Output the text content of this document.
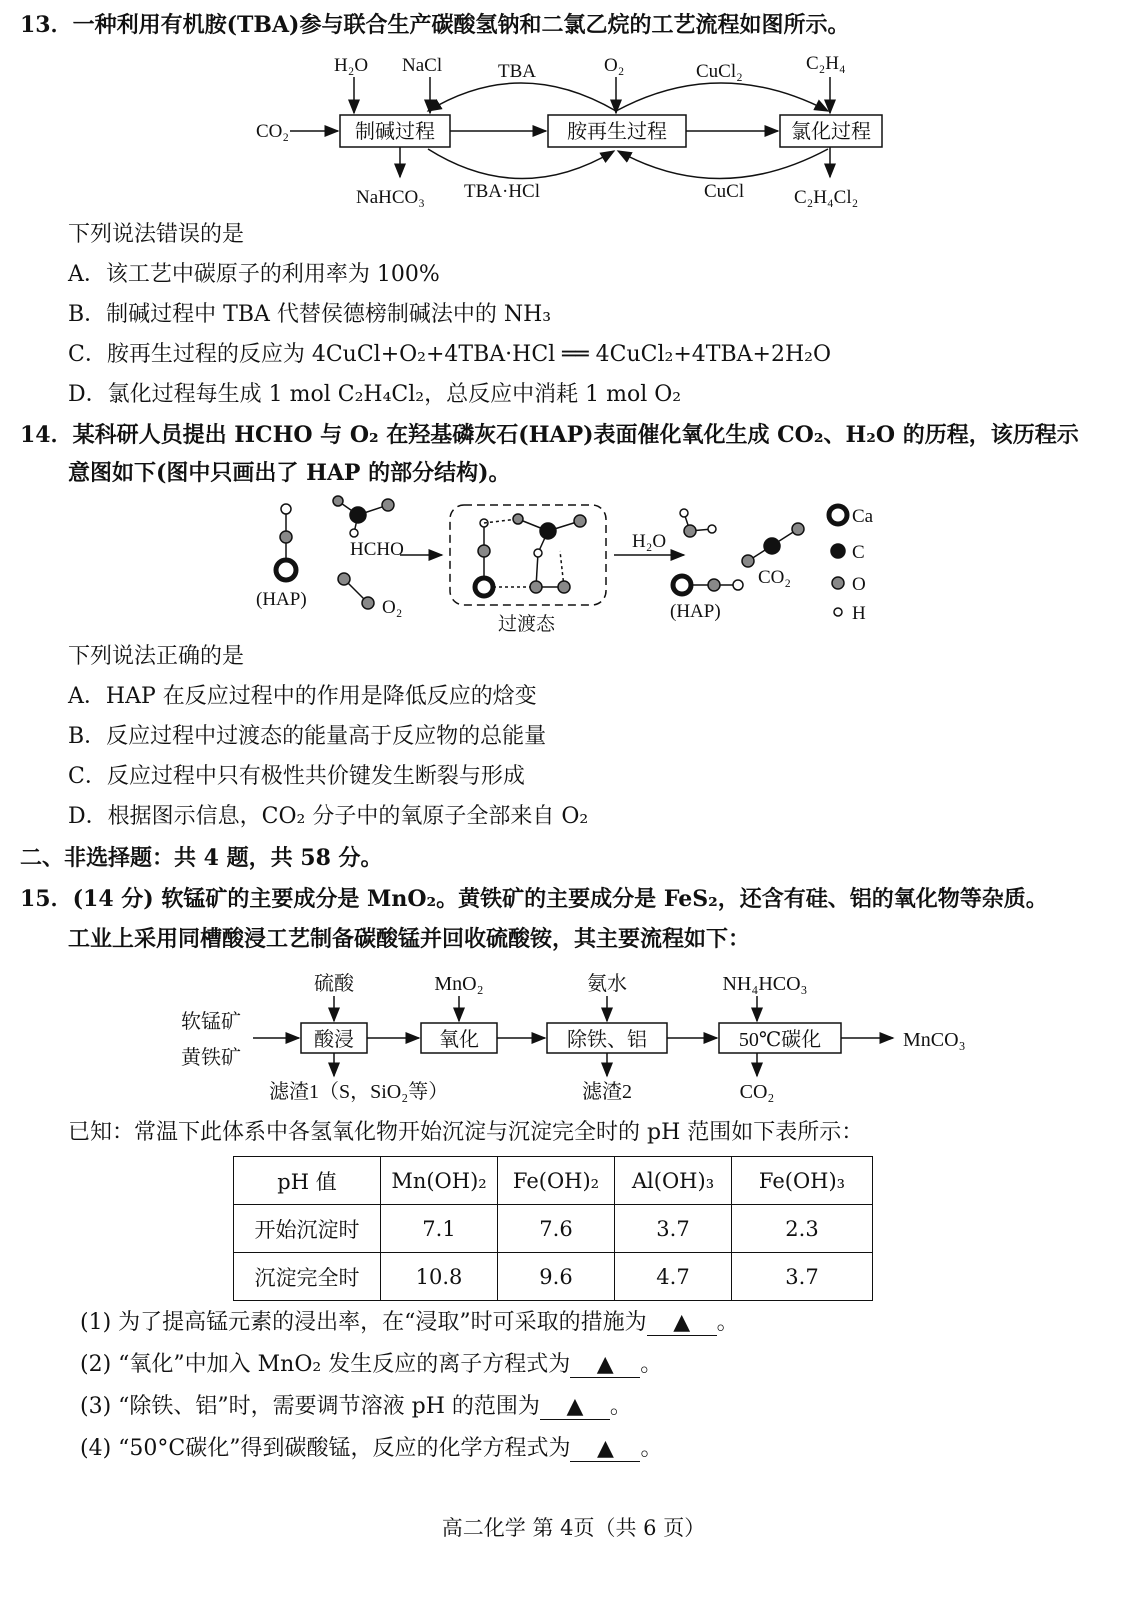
13．一种利用有机胺(TBA)参与联合生产碳酸氢钠和二氯乙烷的工艺流程如图所示。
制碱过程	胺再生过程	氯化过程
CO₂
H₂O NaCl	O₂	C₂H₄
TBA	CuCl₂
NaHCO₃	C₂H₄Cl₂
TBA·HCl	CuCl
下列说法错误的是
A．该工艺中碳原子的利用率为 100%
B．制碱过程中 TBA 代替侯德榜制碱法中的 NH₃
C．胺再生过程的反应为 4CuCl+O₂+4TBA·HCl ══ 4CuCl₂+4TBA+2H₂O
D．氯化过程每生成 1 mol C₂H₄Cl₂，总反应中消耗 1 mol O₂
14．某科研人员提出 HCHO 与 O₂ 在羟基磷灰石(HAP)表面催化氧化生成 CO₂、H₂O 的历程，该历程示
意图如下(图中只画出了 HAP 的部分结构)。
(HAP)
HCHO
O₂
过渡态
H₂O
CO₂
(HAP)
Ca
C
O
H
下列说法正确的是
A．HAP 在反应过程中的作用是降低反应的焓变
B．反应过程中过渡态的能量高于反应物的总能量
C．反应过程中只有极性共价键发生断裂与形成
D．根据图示信息，CO₂ 分子中的氧原子全部来自 O₂
二、非选择题：共 4 题，共 58 分。
15．(14 分) 软锰矿的主要成分是 MnO₂。黄铁矿的主要成分是 FeS₂，还含有硅、铝的氧化物等杂质。
工业上采用同槽酸浸工艺制备碳酸锰并回收硫酸铵，其主要流程如下：
软锰矿
黄铁矿
酸浸	氧化	除铁、铝	50℃碳化
硫酸	MnO₂	氨水	NH₄HCO₃
滤渣1（S，SiO₂等）	滤渣2	CO₂
MnCO₃
已知：常温下此体系中各氢氧化物开始沉淀与沉淀完全时的 pH 范围如下表所示：
pH 值	Mn(OH)₂	Fe(OH)₂	Al(OH)₃	Fe(OH)₃
开始沉淀时	7.1	7.6	3.7	2.3
沉淀完全时	10.8	9.6	4.7	3.7
(1) 为了提高锰元素的浸出率，在“浸取”时可采取的措施为 ▲ 。
(2) “氧化”中加入 MnO₂ 发生反应的离子方程式为 ▲ 。
(3) “除铁、铝”时，需要调节溶液 pH 的范围为 ▲ 。
(4) “50°C碳化”得到碳酸锰，反应的化学方程式为 ▲ 。
高二化学 第 4页（共 6 页）
